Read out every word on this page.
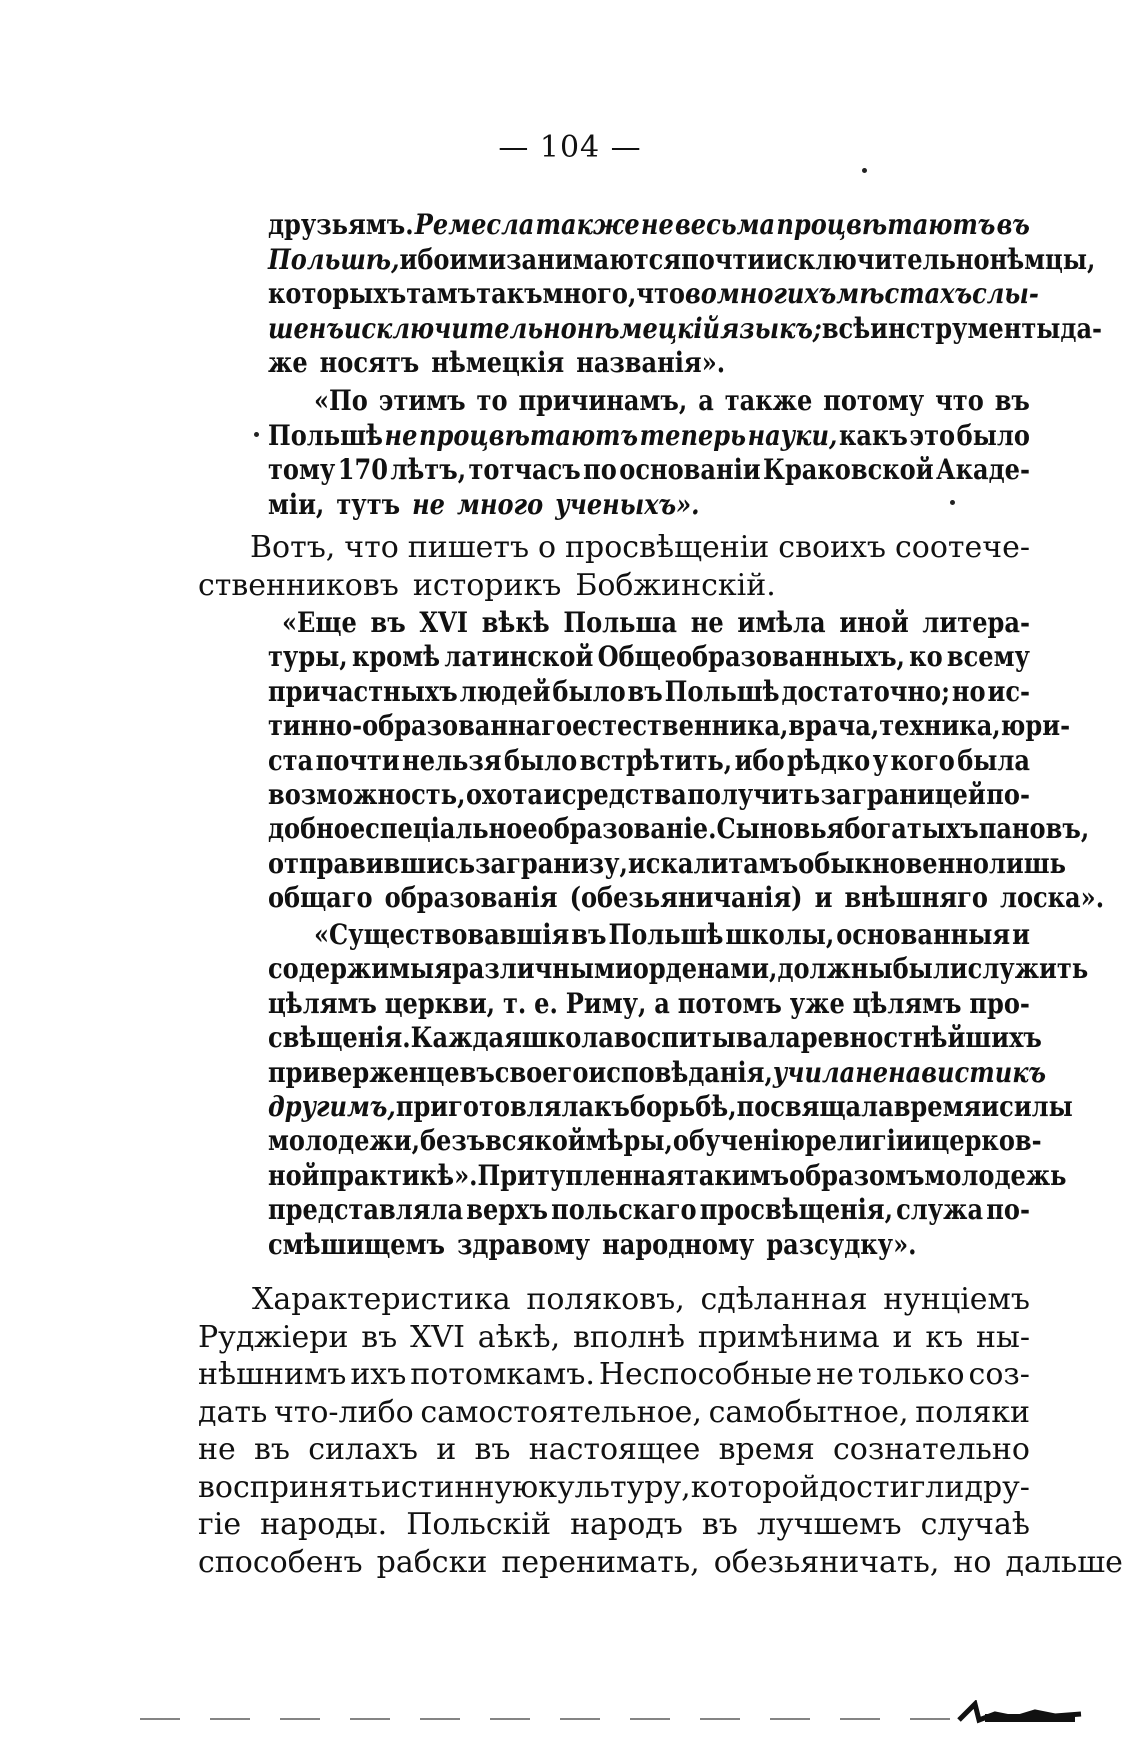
— 104 —
друзьямъ. Ремесла также не весьма процвѣтаютъ въ
Польшѣ, ибо ими занимаются почти исключительно нѣмцы,
которыхъ тамъ такъ много, что во многихъ мѣстахъ слы-
шенъ исключительно нѣмецкій языкъ; всѣ инструменты да-
же носятъ нѣмецкія названія».
«По этимъ то причинамъ, а также потому что въ
Польшѣ не процвѣтаютъ теперь науки, какъ это было
тому 170 лѣтъ, тотчасъ по основаніи Краковской Акаде-
міи, тутъ не много ученыхъ».
Вотъ, что пишетъ о просвѣщеніи своихъ соотече-
ственниковъ историкъ Бобжинскій.
«Еще въ XVI вѣкѣ Польша не имѣла иной литера-
туры, кромѣ латинской Общеобразованныхъ, ко всему
причастныхъ людей было въ Польшѣ достаточно; но ис-
тинно-образованнаго естественника, врача, техника, юри-
ста почти нельзя было встрѣтить, ибо рѣдко у кого была
возможность, охота и средства получить за границей по-
добное спеціальное образованіе. Сыновья богатыхъ пановъ,
отправившись за гранизу, искали тамъ обыкновенно лишь
общаго образованія (обезьяничанія) и внѣшняго лоска».
«Существовавшія въ Польшѣ школы, основанныя и
содержимыя различными орденами, должны были служить
цѣлямъ церкви, т. е. Риму, а потомъ уже цѣлямъ про-
свѣщенія. Каждая школа воспитывала ревностнѣйшихъ
приверженцевъ своего исповѣданія, учила ненависти къ
другимъ, приготовляла къ борьбѣ, посвящала время и силы
молодежи, безъ всякой мѣры, обученію религіи и церков-
ной практикѣ». Притупленная такимъ образомъ молодежь
представляла верхъ польскаго просвѣщенія, служа по-
смѣшищемъ здравому народному разсудку».
Характеристика поляковъ, сдѣланная нунціемъ
Руджіери въ XVI аѣкѣ, вполнѣ примѣнима и къ ны-
нѣшнимъ ихъ потомкамъ. Неспособные не только соз-
дать что-либо самостоятельное, самобытное, поляки
не въ силахъ и въ настоящее время сознательно
воспринять истинную культуру, которой достигли дру-
гіе народы. Польскій народъ въ лучшемъ случаѣ
способенъ рабски перенимать, обезьяничать, но дальше
